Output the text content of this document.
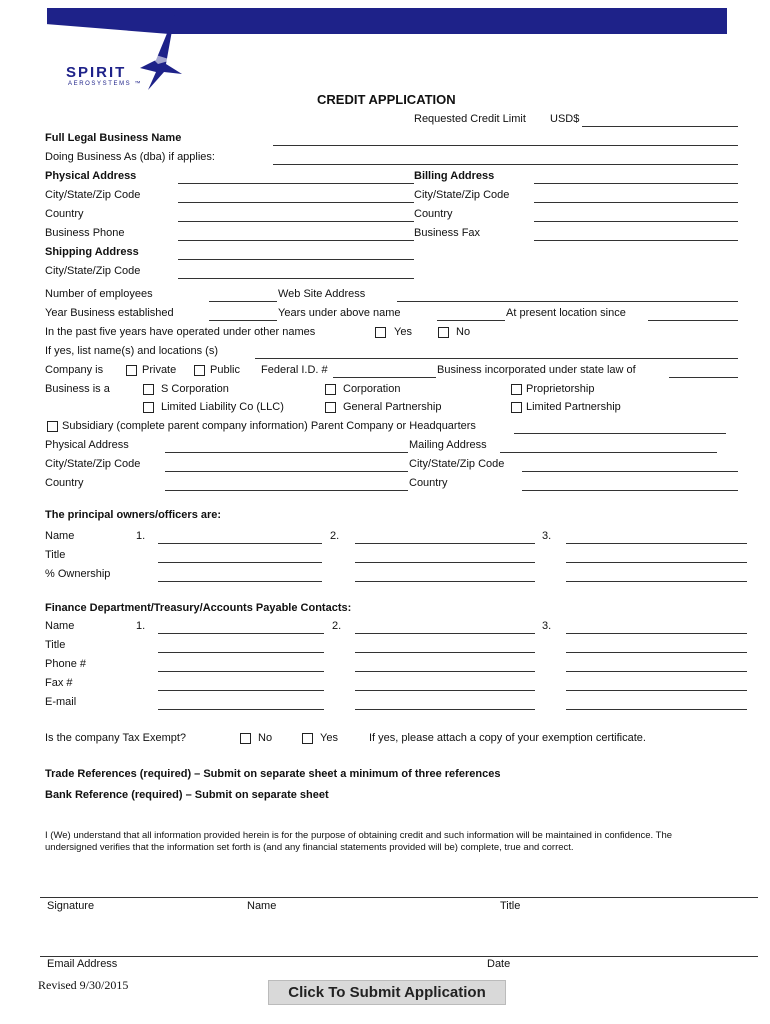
P.O. Box 780008	/	Wichita, KS 67278-0008	/	www.spiritaero.com
SPIRIT
AEROSYSTEMS ™
CREDIT APPLICATION
Requested Credit Limit USD$
Full Legal Business Name
Doing Business As (dba) if applies:
Physical Address	Billing Address
City/State/Zip Code	City/State/Zip Code
Country	Country
Business Phone	Business Fax
Shipping Address
City/State/Zip Code
Number of employees	Web Site Address
Year Business established	Years under above name	At present location since
In the past five years have operated under other names	Yes	No
If yes, list name(s) and locations (s)
Company is	Private	Public Federal I.D. #	Business incorporated under state law of
Business is a	S Corporation	Corporation	Proprietorship
Limited Liability Co (LLC)	General Partnership	Limited Partnership
Subsidiary (complete parent company information) Parent Company or Headquarters
Physical Address	Mailing Address
City/State/Zip Code	City/State/Zip Code
Country	Country
The principal owners/officers are:
Name	1.	2.	3.
Title
% Ownership
Finance Department/Treasury/Accounts Payable Contacts:
Name	1.	2.	3.
Title
Phone #
Fax #
E-mail
Is the company Tax Exempt?	No	Yes	If yes, please attach a copy of your exemption certificate.
Trade References (required) – Submit on separate sheet a minimum of three references
Bank Reference (required) – Submit on separate sheet
I (We) understand that all information provided herein is for the purpose of obtaining credit and such information will be maintained in confidence. The
undersigned verifies that the information set forth is (and any financial statements provided will be) complete, true and correct.
Signature	Name	Title
Email Address	Date
Revised 9/30/2015	Click To Submit Application
